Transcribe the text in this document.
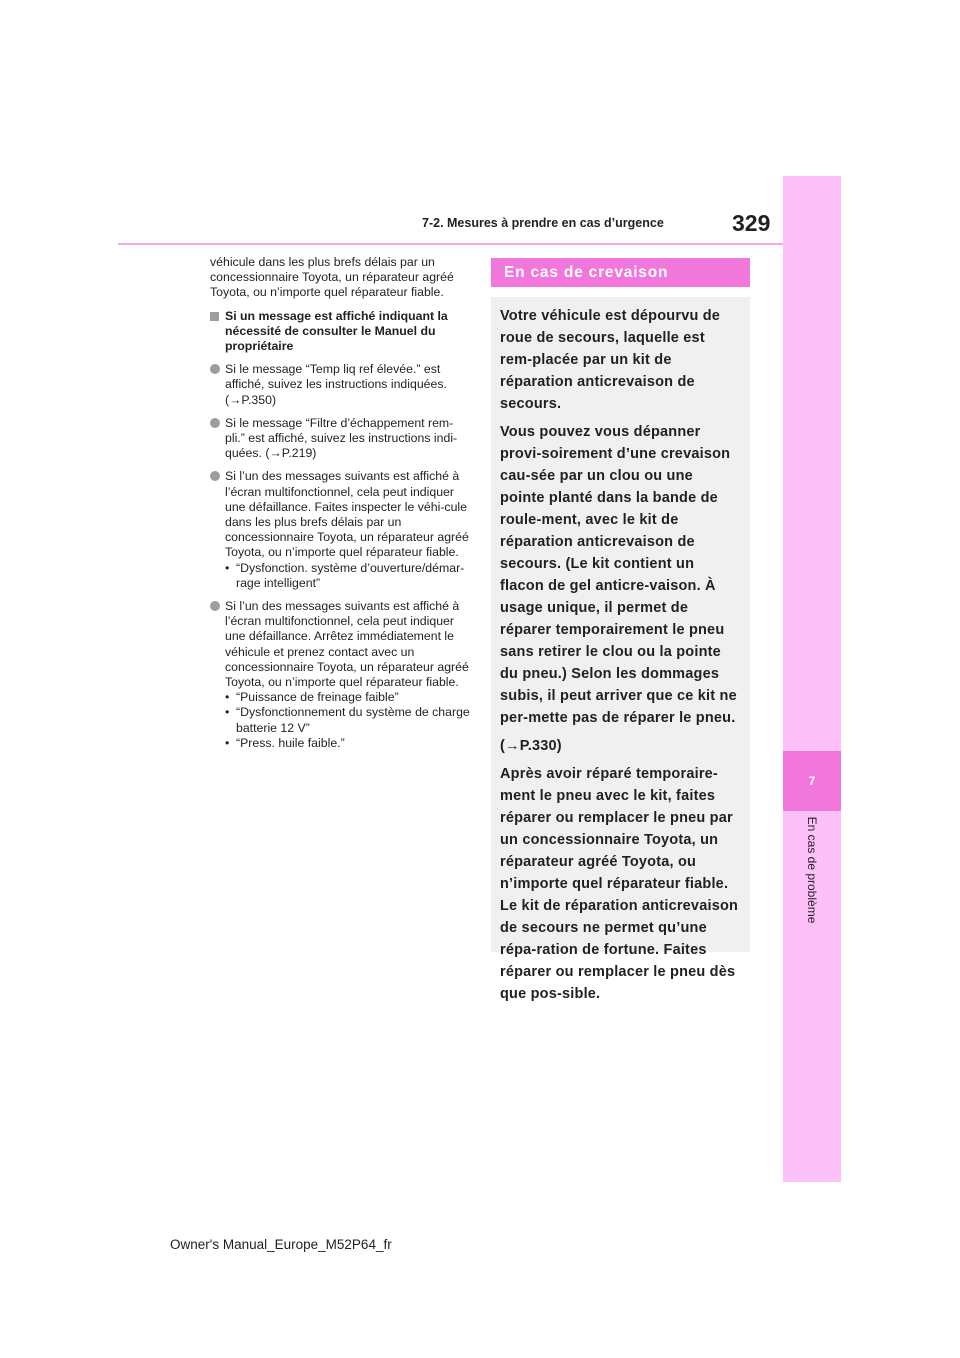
7-2. Mesures à prendre en cas d’urgence	329
7
En cas de problème

véhicule dans les plus brefs délais par un concessionnaire Toyota, un réparateur agréé Toyota, ou n’importe quel réparateur fiable.

Si un message est affiché indiquant la nécessité de consulter le Manuel du propriétaire
Si le message “Temp liq ref élevée.” est affiché, suivez les instructions indiquées. (→P.350)
Si le message “Filtre d’échappement rem-pli.” est affiché, suivez les instructions indi-quées. (→P.219)
Si l’un des messages suivants est affiché à l’écran multifonctionnel, cela peut indiquer une défaillance. Faites inspecter le véhi-cule dans les plus brefs délais par un concessionnaire Toyota, un réparateur agréé Toyota, ou n’importe quel réparateur fiable.
• “Dysfonction. système d’ouverture/démar-rage intelligent”
Si l’un des messages suivants est affiché à l’écran multifonctionnel, cela peut indiquer une défaillance. Arrêtez immédiatement le véhicule et prenez contact avec un concessionnaire Toyota, un réparateur agréé Toyota, ou n’importe quel réparateur fiable.
• “Puissance de freinage faible”
• “Dysfonctionnement du système de charge batterie 12 V”
• “Press. huile faible.”
En cas de crevaison

Votre véhicule est dépourvu de roue de secours, laquelle est rem-placée par un kit de réparation anticrevaison de secours.

Vous pouvez vous dépanner provi-soirement d’une crevaison cau-sée par un clou ou une pointe planté dans la bande de roule-ment, avec le kit de réparation anticrevaison de secours. (Le kit contient un flacon de gel anticre-vaison. À usage unique, il permet de réparer temporairement le pneu sans retirer le clou ou la pointe du pneu.) Selon les dommages subis, il peut arriver que ce kit ne per-mette pas de réparer le pneu.

(→P.330)

Après avoir réparé temporaire-ment le pneu avec le kit, faites réparer ou remplacer le pneu par un concessionnaire Toyota, un réparateur agréé Toyota, ou n’importe quel réparateur fiable. Le kit de réparation anticrevaison de secours ne permet qu’une répa-ration de fortune. Faites réparer ou remplacer le pneu dès que pos-sible.

Owner's Manual_Europe_M52P64_fr
